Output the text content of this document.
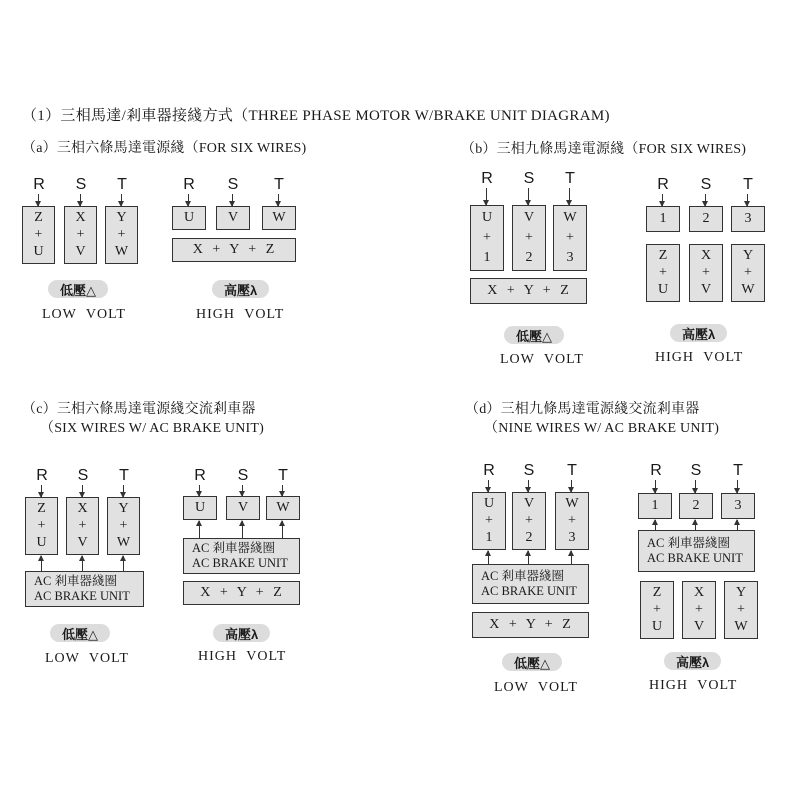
（1）三相馬達/剎車器接綫方式（THREE PHASE MOTOR W/BRAKE UNIT DIAGRAM)
（a）三相六條馬達電源綫（FOR SIX WIRES)	（b）三相九條馬達電源綫（FOR SIX WIRES)
（c）三相六條馬達電源綫交流剎車器
（SIX WIRES W/ AC BRAKE UNIT)
（d）三相九條馬達電源綫交流剎車器
（NINE WIRES W/ AC BRAKE UNIT)
R S T
Z
+
U
X
+
V
Y
+
W
低壓△
LOW VOLT
R S T
U	V	W
X + Y + Z
高壓λ
HIGH VOLT
R S T
U
+
1
V
+
2
W
+
3
X + Y + Z
低壓△
LOW VOLT
R S T
1	2	3
Z
+
U
X
+
V
Y
+
W
高壓λ
HIGH VOLT
R S T
Z
+
U
X
+
V
Y
+
W
AC 剎車器綫圈
AC BRAKE UNIT
低壓△
LOW VOLT
R S T
U	V	W
AC 剎車器綫圈
AC BRAKE UNIT
X + Y + Z
高壓λ
HIGH VOLT
R S T
U
+
1
V
+
2
W
+
3
AC 剎車器綫圈
AC BRAKE UNIT
X + Y + Z
低壓△
LOW VOLT
R S T
1	2	3
AC 剎車器綫圈
AC BRAKE UNIT
Z
+
U
X
+
V
Y
+
W
高壓λ
HIGH VOLT
